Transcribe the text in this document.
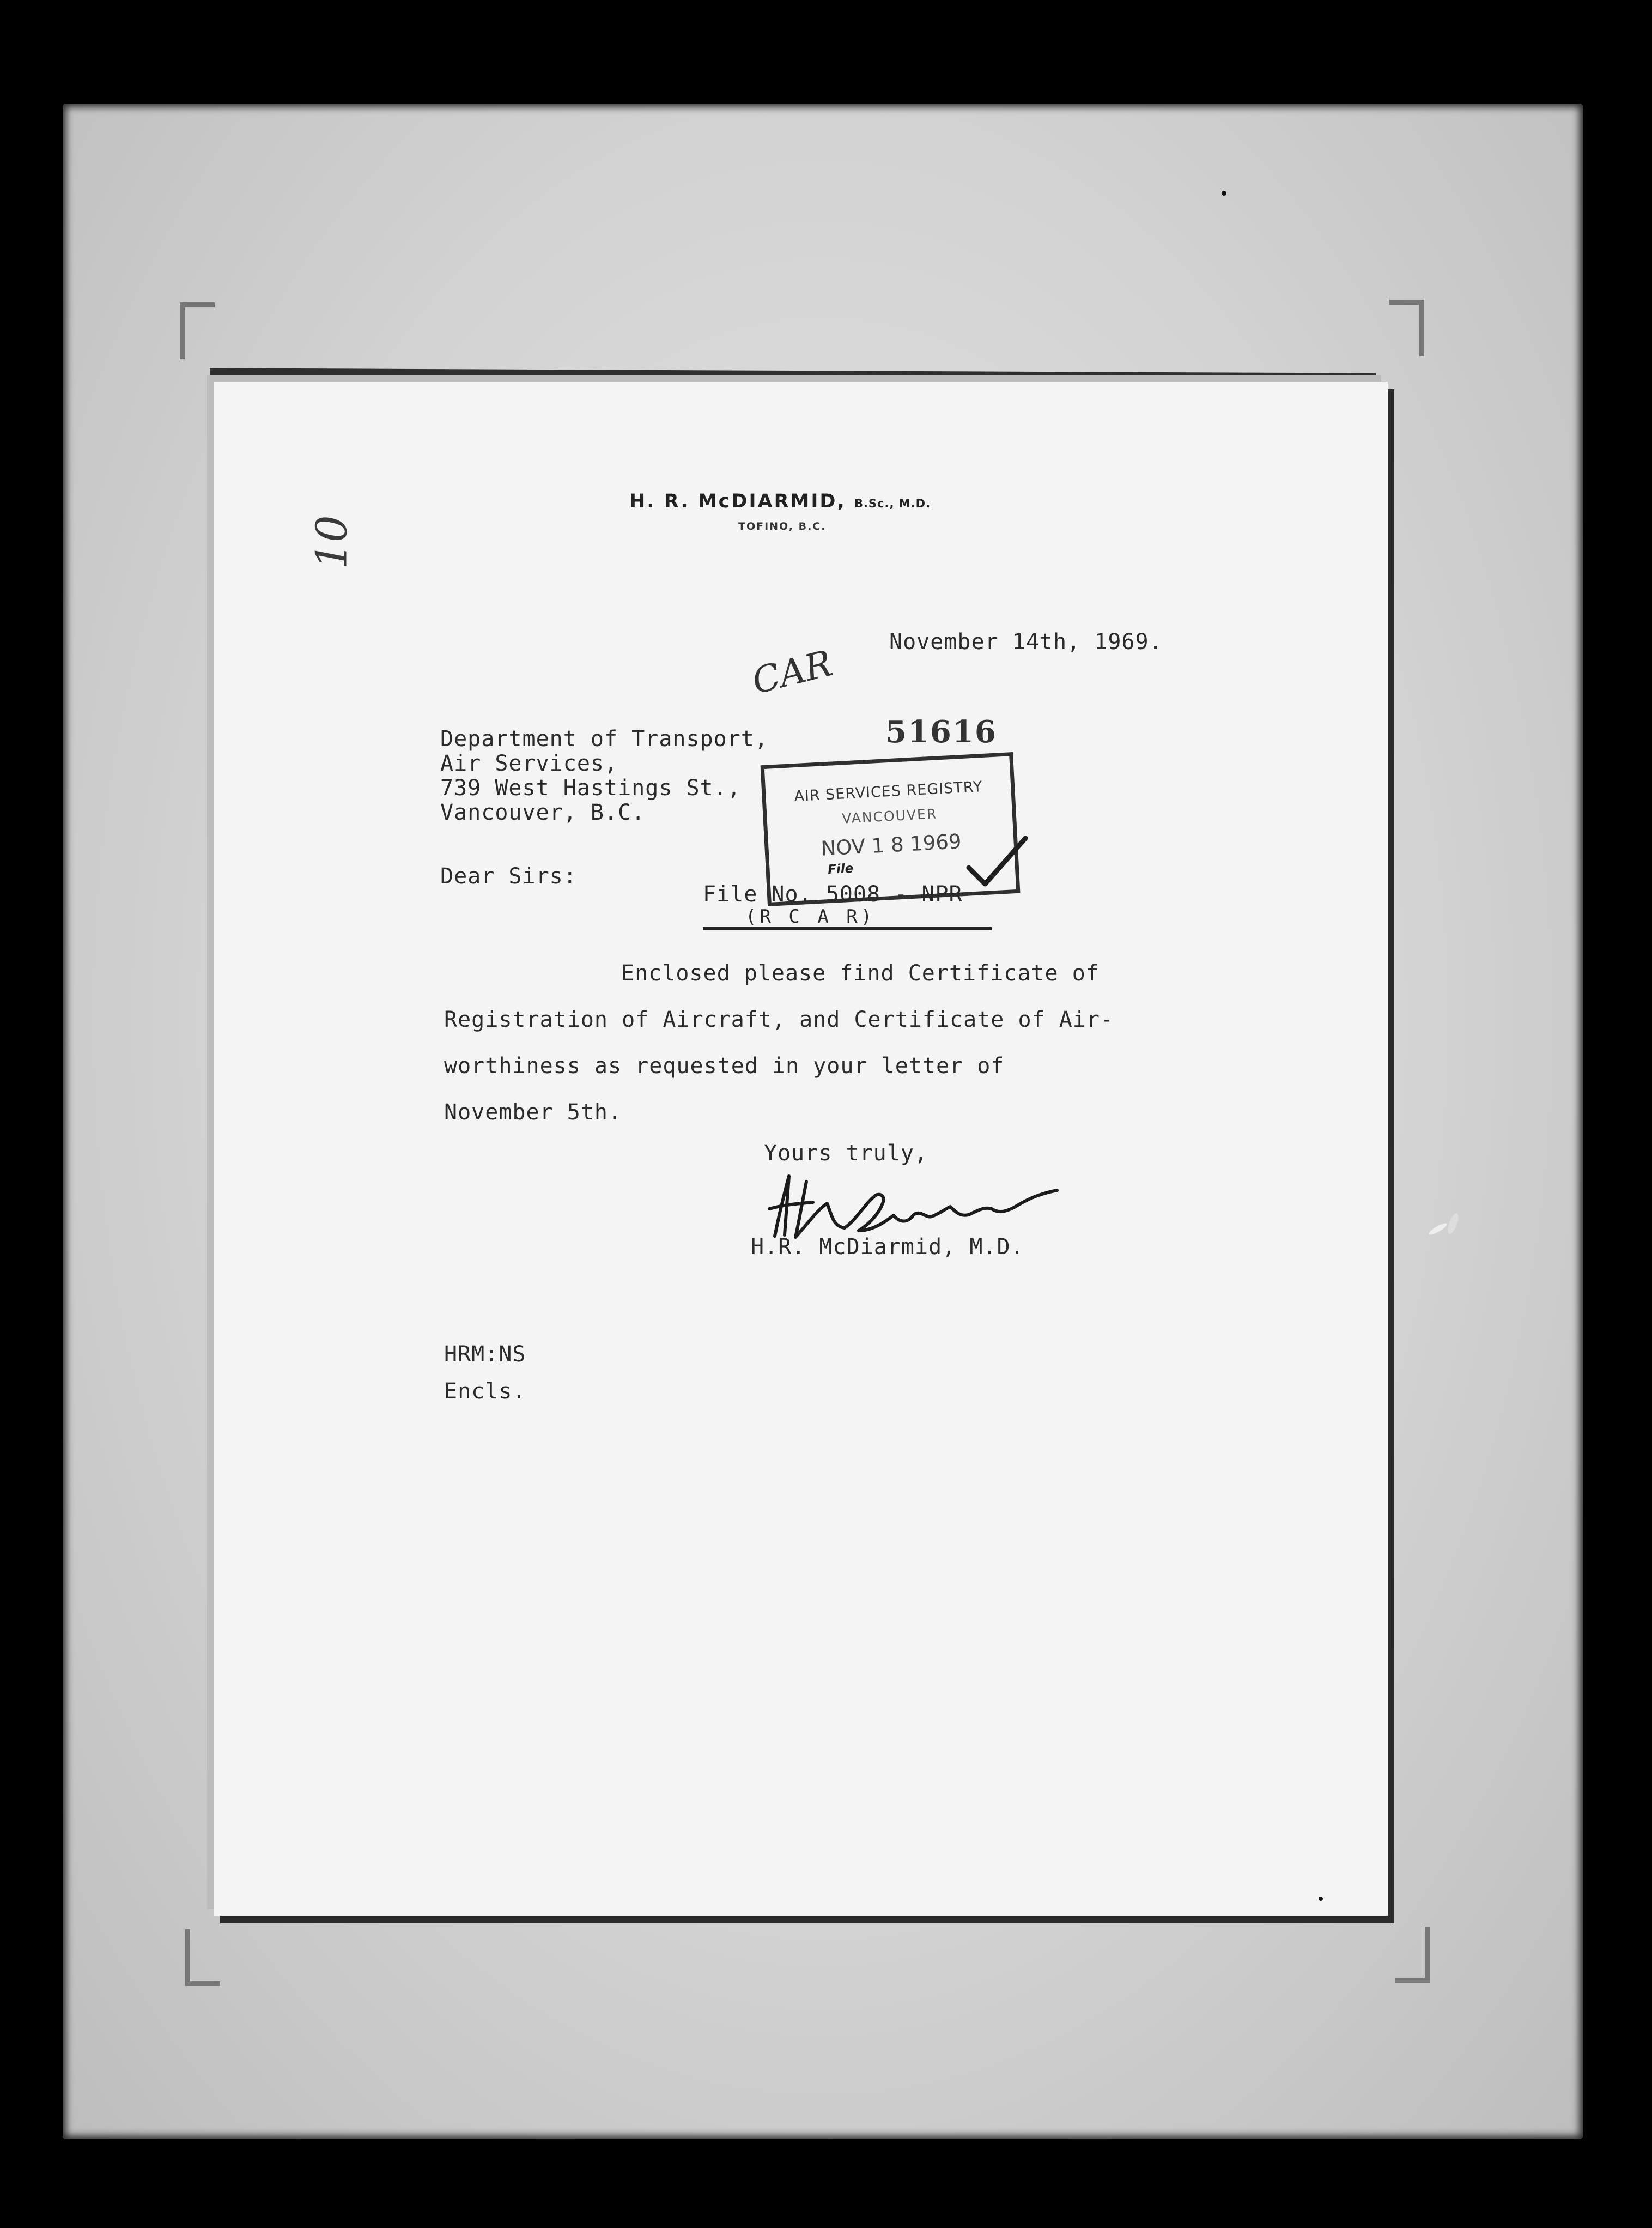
10
H. R. McDIARMID, B.Sc., M.D.
TOFINO, B.C.
November 14th, 1969.
CAR
51616
Department of Transport,
Air Services,
739 West Hastings St.,
Vancouver, B.C.
AIR SERVICES REGISTRY
VANCOUVER
NOV 1 8 1969
File
Dear Sirs:
File No. 5008 - NPR
(R C A R)
Enclosed please find Certificate of
Registration of Aircraft, and Certificate of Air-
worthiness as requested in your letter of
November 5th.
Yours truly,
H.R. McDiarmid, M.D.
HRM:NS
Encls.
